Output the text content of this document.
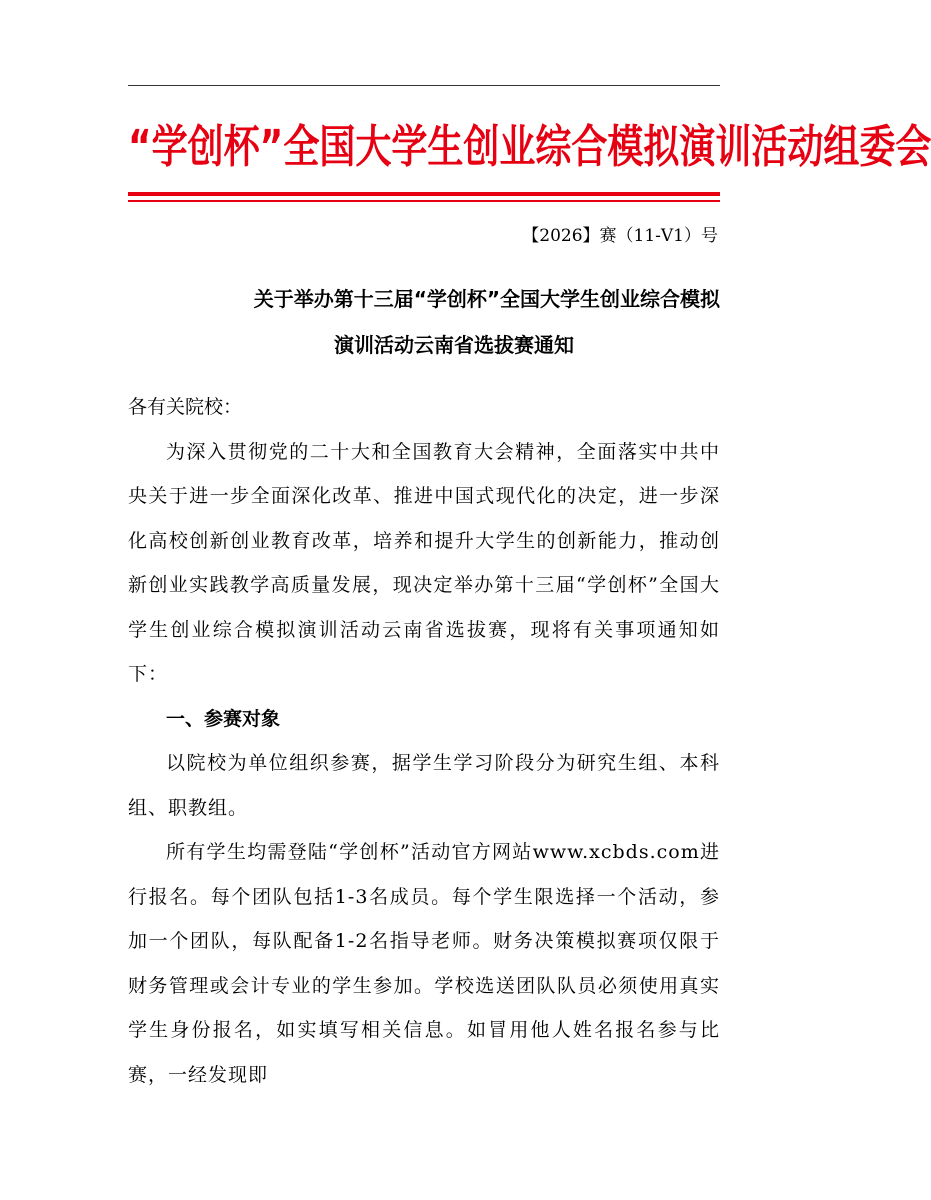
“学创杯”全国大学生创业综合模拟演训活动组委会
【2026】赛（11-V1）号
关于举办第十三届“学创杯”全国大学生创业综合模拟
演训活动云南省选拔赛通知

各有关院校：

为深入贯彻党的二十大和全国教育大会精神，全面落实中共中央关于进一步全面深化改革、推进中国式现代化的决定，进一步深化高校创新创业教育改革，培养和提升大学生的创新能力，推动创新创业实践教学高质量发展，现决定举办第十三届“学创杯”全国大学生创业综合模拟演训活动云南省选拔赛，现将有关事项通知如下：

一、参赛对象

以院校为单位组织参赛，据学生学习阶段分为研究生组、本科组、职教组。

所有学生均需登陆“学创杯”活动官方网站www.xcbds.com进行报名。每个团队包括1-3名成员。每个学生限选择一个活动，参加一个团队，每队配备1-2名指导老师。财务决策模拟赛项仅限于财务管理或会计专业的学生参加。学校选送团队队员必须使用真实学生身份报名，如实填写相关信息。如冒用他人姓名报名参与比赛，一经发现即
